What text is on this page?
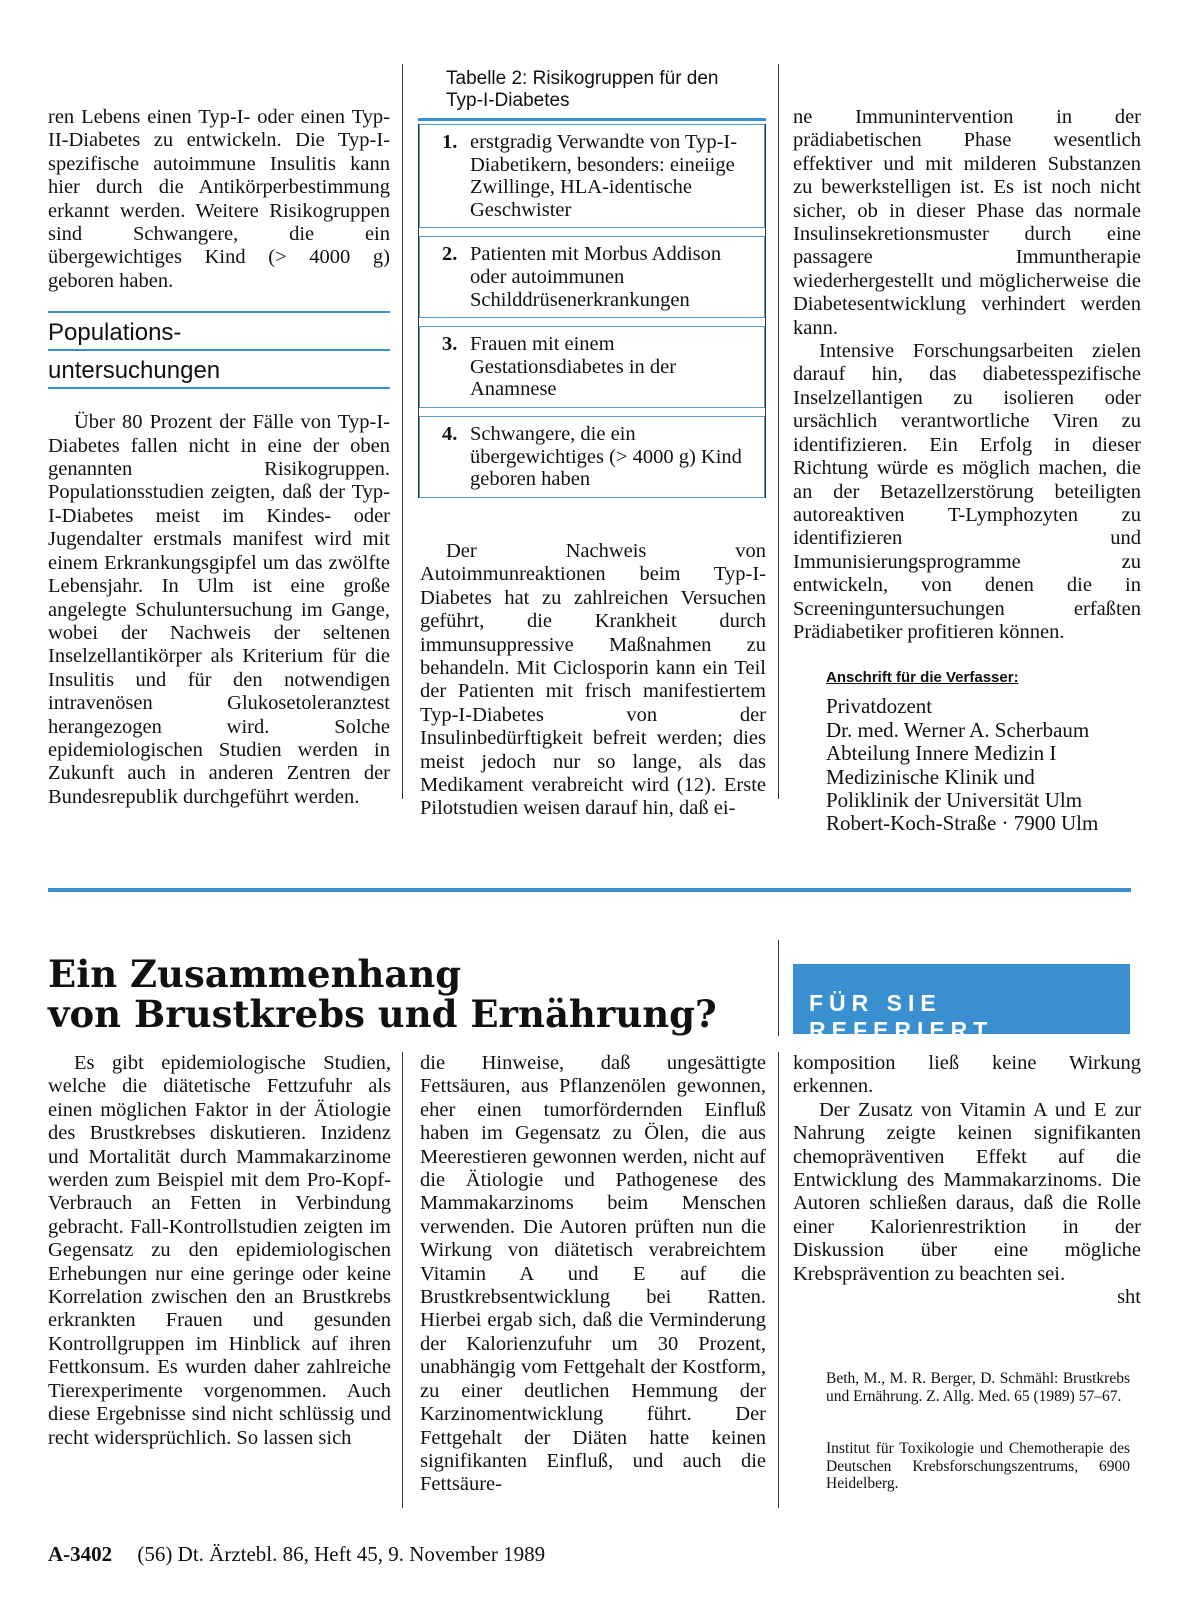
ren Lebens einen Typ-I- oder einen Typ-II-Diabetes zu entwickeln. Die Typ-I-spezifische autoimmune Insulitis kann hier durch die Antikörperbestimmung erkannt werden. Weitere Risikogruppen sind Schwangere, die ein übergewichtiges Kind (> 4000 g) geboren haben.

Populations-
untersuchungen

Über 80 Prozent der Fälle von Typ-I-Diabetes fallen nicht in eine der oben genannten Risikogruppen. Populationsstudien zeigten, daß der Typ-I-Diabetes meist im Kindes- oder Jugendalter erstmals manifest wird mit einem Erkrankungsgipfel um das zwölfte Lebensjahr. In Ulm ist eine große angelegte Schuluntersuchung im Gange, wobei der Nachweis der seltenen Inselzellantikörper als Kriterium für die Insulitis und für den notwendigen intravenösen Glukosetoleranztest herangezogen wird. Solche epidemiologischen Studien werden in Zukunft auch in anderen Zentren der Bundesrepublik durchgeführt werden.

Tabelle 2: Risikogruppen für den Typ-I-Diabetes
1. erstgradig Verwandte von Typ-I-Diabetikern, besonders: eineiige Zwillinge, HLA-identische Geschwister
2. Patienten mit Morbus Addison oder autoimmunen Schilddrüsenerkrankungen
3. Frauen mit einem Gestationsdiabetes in der Anamnese
4. Schwangere, die ein übergewichtiges (> 4000 g) Kind geboren haben

Der Nachweis von Autoimmunreaktionen beim Typ-I-Diabetes hat zu zahlreichen Versuchen geführt, die Krankheit durch immunsuppressive Maßnahmen zu behandeln. Mit Ciclosporin kann ein Teil der Patienten mit frisch manifestiertem Typ-I-Diabetes von der Insulinbedürftigkeit befreit werden; dies meist jedoch nur so lange, als das Medikament verabreicht wird (12). Erste Pilotstudien weisen darauf hin, daß ei-

ne Immunintervention in der prädiabetischen Phase wesentlich effektiver und mit milderen Substanzen zu bewerkstelligen ist. Es ist noch nicht sicher, ob in dieser Phase das normale Insulinsekretionsmuster durch eine passagere Immuntherapie wiederhergestellt und möglicherweise die Diabetesentwicklung verhindert werden kann.

Intensive Forschungsarbeiten zielen darauf hin, das diabetesspezifische Inselzellantigen zu isolieren oder ursächlich verantwortliche Viren zu identifizieren. Ein Erfolg in dieser Richtung würde es möglich machen, die an der Betazellzerstörung beteiligten autoreaktiven T-Lymphozyten zu identifizieren und Immunisierungsprogramme zu entwickeln, von denen die in Screeninguntersuchungen erfaßten Prädiabetiker profitieren können.

Anschrift für die Verfasser:
Privatdozent
Dr. med. Werner A. Scherbaum
Abteilung Innere Medizin I
Medizinische Klinik und
Poliklinik der Universität Ulm
Robert-Koch-Straße · 7900 Ulm
Ein Zusammenhang
von Brustkrebs und Ernährung?	FÜR SIE REFERIERT

Es gibt epidemiologische Studien, welche die diätetische Fettzufuhr als einen möglichen Faktor in der Ätiologie des Brustkrebses diskutieren. Inzidenz und Mortalität durch Mammakarzinome werden zum Beispiel mit dem Pro-Kopf-Verbrauch an Fetten in Verbindung gebracht. Fall-Kontrollstudien zeigten im Gegensatz zu den epidemiologischen Erhebungen nur eine geringe oder keine Korrelation zwischen den an Brustkrebs erkrankten Frauen und gesunden Kontrollgruppen im Hinblick auf ihren Fettkonsum. Es wurden daher zahlreiche Tierexperimente vorgenommen. Auch diese Ergebnisse sind nicht schlüssig und recht widersprüchlich. So lassen sich

die Hinweise, daß ungesättigte Fettsäuren, aus Pflanzenölen gewonnen, eher einen tumorfördernden Einfluß haben im Gegensatz zu Ölen, die aus Meerestieren gewonnen werden, nicht auf die Ätiologie und Pathogenese des Mammakarzinoms beim Menschen verwenden. Die Autoren prüften nun die Wirkung von diätetisch verabreichtem Vitamin A und E auf die Brustkrebsentwicklung bei Ratten. Hierbei ergab sich, daß die Verminderung der Kalorienzufuhr um 30 Prozent, unabhängig vom Fettgehalt der Kostform, zu einer deutlichen Hemmung der Karzinomentwicklung führt. Der Fettgehalt der Diäten hatte keinen signifikanten Einfluß, und auch die Fettsäure-

komposition ließ keine Wirkung erkennen.

Der Zusatz von Vitamin A und E zur Nahrung zeigte keinen signifikanten chemopräventiven Effekt auf die Entwicklung des Mammakarzinoms. Die Autoren schließen daraus, daß die Rolle einer Kalorienrestriktion in der Diskussion über eine mögliche Krebsprävention zu beachten sei.

sht
Beth, M., M. R. Berger, D. Schmähl: Brustkrebs und Ernährung. Z. Allg. Med. 65 (1989) 57–67.
Institut für Toxikologie und Chemotherapie des Deutschen Krebsforschungszentrums, 6900 Heidelberg.
A-3402 (56) Dt. Ärztebl. 86, Heft 45, 9. November 1989
